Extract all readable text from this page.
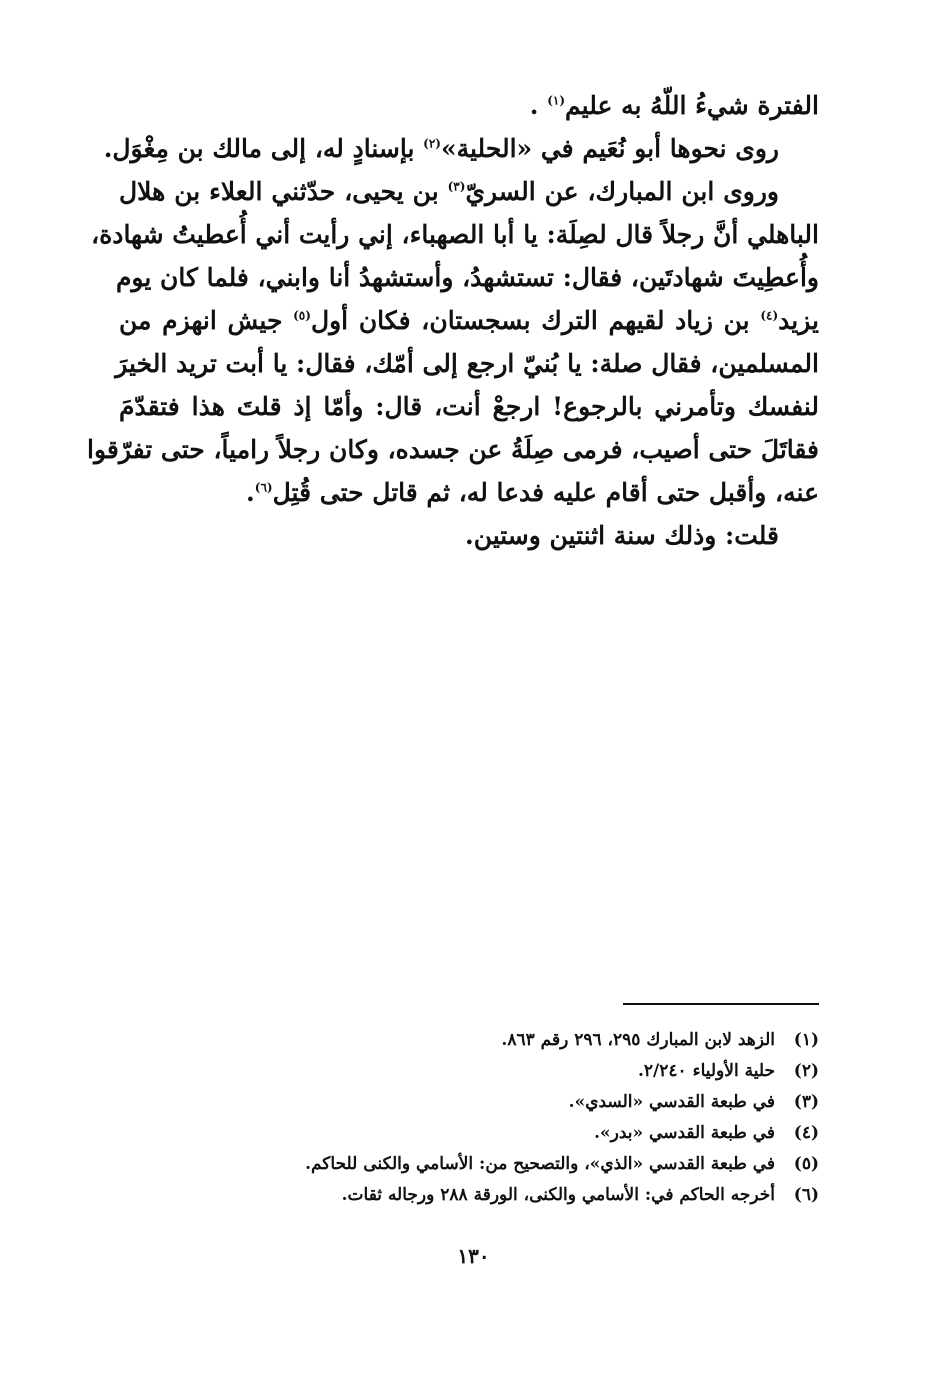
الفترة شيءُ اللّهُ به عليم$^{(١)}$ .
روى نحوها أبو نُعَيم في «الحلية»$^{(٢)}$ بإسنادٍ له، إلى مالك بن مِغْوَل.
وروى ابن المبارك، عن السريّ$^{(٣)}$ بن يحيى، حدّثني العلاء بن هلال
الباهلي أنَّ رجلاً قال لصِلَة: يا أبا الصهباء، إني رأيت أني أُعطيتُ شهادة،
وأُعطِيتَ شهادتَين، فقال: تستشهدُ، وأستشهدُ أنا وابني، فلما كان يوم
يزيد$^{(٤)}$ بن زياد لقيهم الترك بسجستان، فكان أول$^{(٥)}$ جيش انهزم من
المسلمين، فقال صلة: يا بُنيّ ارجع إلى أمّك، فقال: يا أبت تريد الخيرَ
لنفسك وتأمرني بالرجوع! ارجعْ أنت، قال: وأمّا إذ قلتَ هذا فتقدّمَ
فقاتَلَ حتى أصيب، فرمى صِلَةُ عن جسده، وكان رجلاً رامياً، حتى تفرّقوا
عنه، وأقبل حتى أقام عليه فدعا له، ثم قاتل حتى قُتِل$^{(٦)}$.
قلت: وذلك سنة اثنتين وستين.
(١)الزهد لابن المبارك ٢٩٥، ٢٩٦ رقم ٨٦٣.
(٢)حلية الأولياء ٢/٢٤٠.
(٣)في طبعة القدسي «السدي».
(٤)في طبعة القدسي «بدر».
(٥)في طبعة القدسي «الذي»، والتصحيح من: الأسامي والكنى للحاكم.
(٦)أخرجه الحاكم في: الأسامي والكنى، الورقة ٢٨٨ ورجاله ثقات.
١٣٠
